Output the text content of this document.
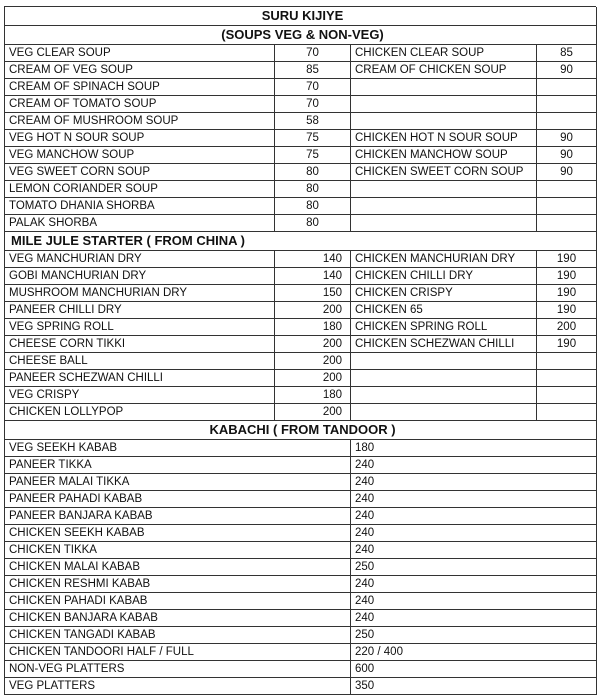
SURU KIJIYE			
(SOUPS VEG & NON-VEG)			
VEG CLEAR SOUP	70	CHICKEN CLEAR SOUP	85
CREAM OF VEG SOUP	85	CREAM OF CHICKEN SOUP	90
CREAM OF SPINACH SOUP	70		
CREAM OF TOMATO SOUP	70		
CREAM OF MUSHROOM SOUP	58		
VEG HOT N SOUR SOUP	75	CHICKEN HOT N SOUR SOUP	90
VEG MANCHOW SOUP	75	CHICKEN MANCHOW SOUP	90
VEG SWEET CORN SOUP	80	CHICKEN SWEET CORN SOUP	90
LEMON CORIANDER SOUP	80		
TOMATO DHANIA SHORBA	80		
PALAK SHORBA	80		
MILE JULE STARTER ( FROM CHINA )			
VEG MANCHURIAN DRY	140	CHICKEN MANCHURIAN DRY	190
GOBI MANCHURIAN DRY	140	CHICKEN CHILLI DRY	190
MUSHROOM MANCHURIAN DRY	150	CHICKEN CRISPY	190
PANEER CHILLI DRY	200	CHICKEN 65	190
VEG SPRING ROLL	180	CHICKEN SPRING ROLL	200
CHEESE CORN TIKKI	200	CHICKEN SCHEZWAN CHILLI	190
CHEESE BALL	200		
PANEER SCHEZWAN CHILLI	200		
VEG CRISPY	180		
CHICKEN LOLLYPOP	200		
KABACHI ( FROM TANDOOR )			
VEG SEEKH KABAB		180	
PANEER TIKKA		240	
PANEER MALAI TIKKA		240	
PANEER PAHADI KABAB		240	
PANEER BANJARA KABAB		240	
CHICKEN SEEKH KABAB		240	
CHICKEN TIKKA		240	
CHICKEN MALAI KABAB		250	
CHICKEN RESHMI KABAB		240	
CHICKEN PAHADI KABAB		240	
CHICKEN BANJARA KABAB		240	
CHICKEN TANGADI KABAB		250	
CHICKEN TANDOORI HALF / FULL		220 / 400	
NON-VEG PLATTERS		600	
VEG PLATTERS		350	
